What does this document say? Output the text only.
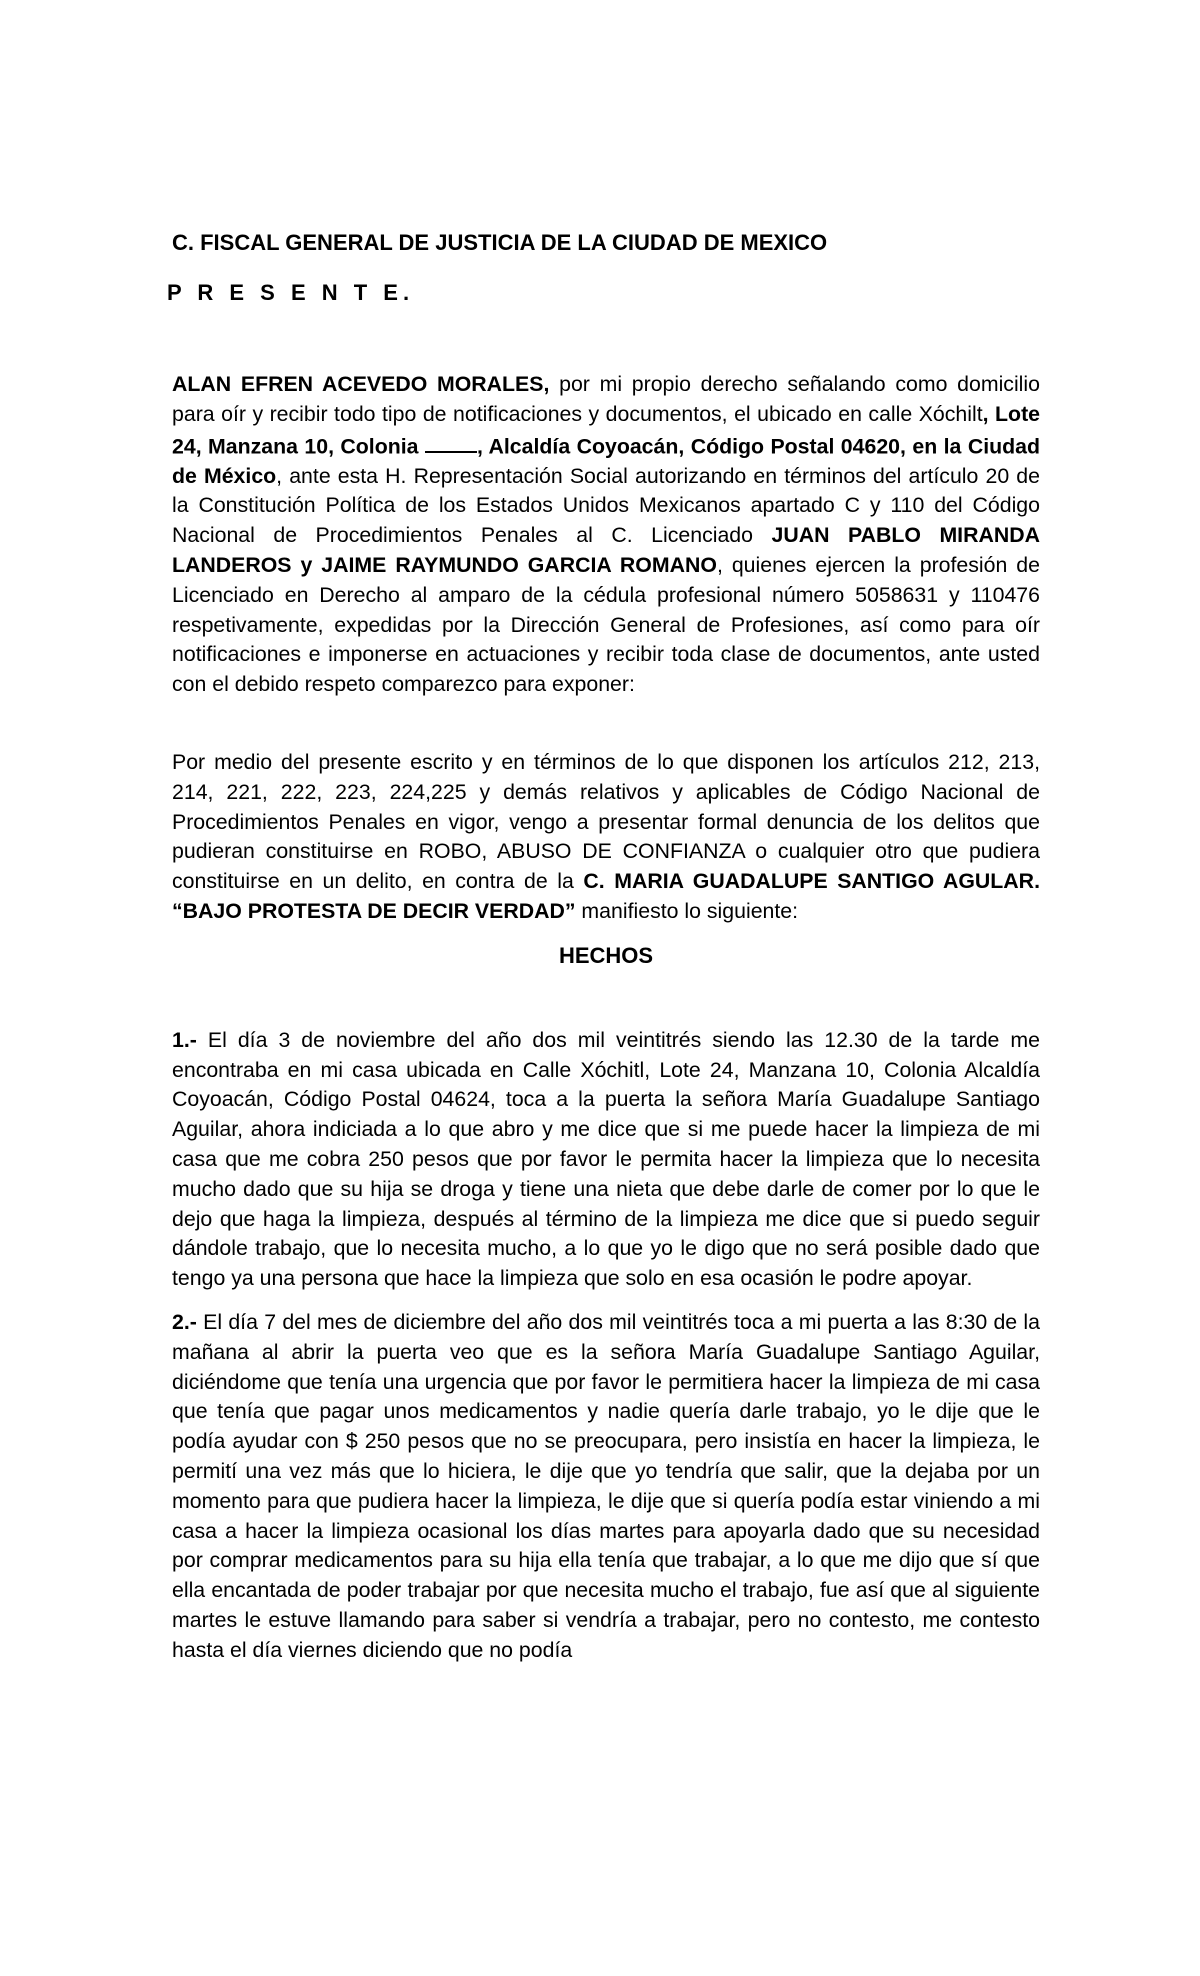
C. FISCAL GENERAL DE JUSTICIA DE LA CIUDAD DE MEXICO

P R E S E N T E.

ALAN EFREN ACEVEDO MORALES, por mi propio derecho señalando como domicilio para oír y recibir todo tipo de notificaciones y documentos, el ubicado en calle Xóchilt, Lote 24, Manzana 10, Colonia , Alcaldía Coyoacán, Código Postal 04620, en la Ciudad de México, ante esta H. Representación Social autorizando en términos del artículo 20 de la Constitución Política de los Estados Unidos Mexicanos apartado C y 110 del Código Nacional de Procedimientos Penales al C. Licenciado JUAN PABLO MIRANDA LANDEROS y JAIME RAYMUNDO GARCIA ROMANO, quienes ejercen la profesión de Licenciado en Derecho al amparo de la cédula profesional número 5058631 y 110476 respetivamente, expedidas por la Dirección General de Profesiones, así como para oír notificaciones e imponerse en actuaciones y recibir toda clase de documentos, ante usted con el debido respeto comparezco para exponer:

Por medio del presente escrito y en términos de lo que disponen los artículos 212, 213, 214, 221, 222, 223, 224,225 y demás relativos y aplicables de Código Nacional de Procedimientos Penales en vigor, vengo a presentar formal denuncia de los delitos que pudieran constituirse en ROBO, ABUSO DE CONFIANZA o cualquier otro que pudiera constituirse en un delito, en contra de la C. MARIA GUADALUPE SANTIGO AGULAR. “BAJO PROTESTA DE DECIR VERDAD” manifiesto lo siguiente:

HECHOS

1.- El día 3 de noviembre del año dos mil veintitrés siendo las 12.30 de la tarde me encontraba en mi casa ubicada en Calle Xóchitl, Lote 24, Manzana 10, Colonia Alcaldía Coyoacán, Código Postal 04624, toca a la puerta la señora María Guadalupe Santiago Aguilar, ahora indiciada a lo que abro y me dice que si me puede hacer la limpieza de mi casa que me cobra 250 pesos que por favor le permita hacer la limpieza que lo necesita mucho dado que su hija se droga y tiene una nieta que debe darle de comer por lo que le dejo que haga la limpieza, después al término de la limpieza me dice que si puedo seguir dándole trabajo, que lo necesita mucho, a lo que yo le digo que no será posible dado que tengo ya una persona que hace la limpieza que solo en esa ocasión le podre apoyar.

2.- El día 7 del mes de diciembre del año dos mil veintitrés toca a mi puerta a las 8:30 de la mañana al abrir la puerta veo que es la señora María Guadalupe Santiago Aguilar, diciéndome que tenía una urgencia que por favor le permitiera hacer la limpieza de mi casa que tenía que pagar unos medicamentos y nadie quería darle trabajo, yo le dije que le podía ayudar con $ 250 pesos que no se preocupara, pero insistía en hacer la limpieza, le permití una vez más que lo hiciera, le dije que yo tendría que salir, que la dejaba por un momento para que pudiera hacer la limpieza, le dije que si quería podía estar viniendo a mi casa a hacer la limpieza ocasional los días martes para apoyarla dado que su necesidad por comprar medicamentos para su hija ella tenía que trabajar, a lo que me dijo que sí que ella encantada de poder trabajar por que necesita mucho el trabajo, fue así que al siguiente martes le estuve llamando para saber si vendría a trabajar, pero no contesto, me contesto hasta el día viernes diciendo que no podía
